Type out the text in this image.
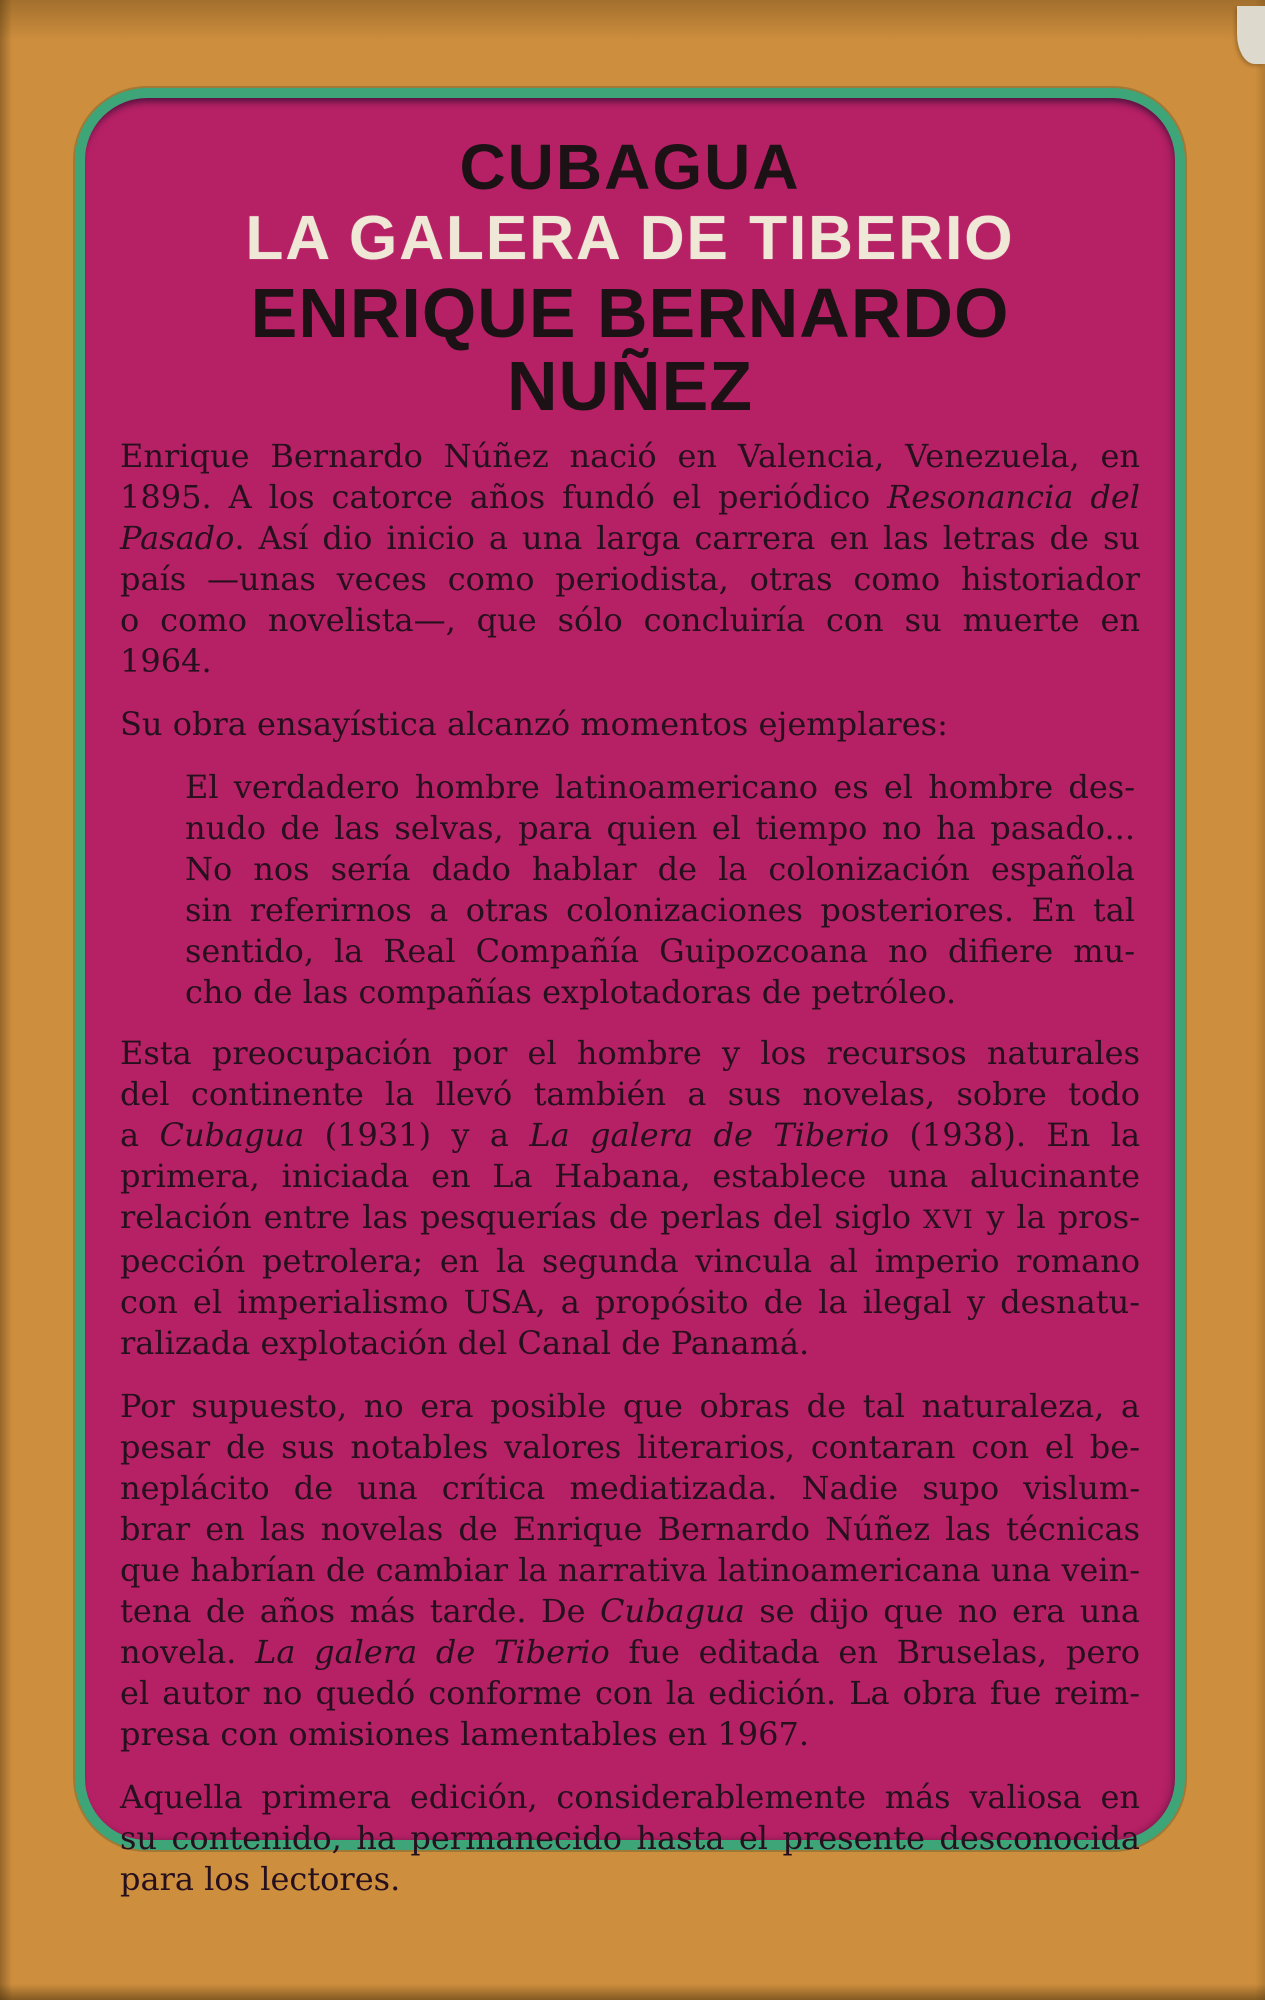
CUBAGUA
LA GALERA DE TIBERIO
ENRIQUE BERNARDO NUÑEZ
Enrique Bernardo Núñez nació en Valencia, Venezuela, en
1895. A los catorce años fundó el periódico Resonancia del
Pasado. Así dio inicio a una larga carrera en las letras de su
país —unas veces como periodista, otras como historiador
o como novelista—, que sólo concluiría con su muerte en
1964.
Su obra ensayística alcanzó momentos ejemplares:
El verdadero hombre latinoamericano es el hombre des-
nudo de las selvas, para quien el tiempo no ha pasado...
No nos sería dado hablar de la colonización española
sin referirnos a otras colonizaciones posteriores. En tal
sentido, la Real Compañía Guipozcoana no difiere mu-
cho de las compañías explotadoras de petróleo.
Esta preocupación por el hombre y los recursos naturales
del continente la llevó también a sus novelas, sobre todo
a Cubagua (1931) y a La galera de Tiberio (1938). En la
primera, iniciada en La Habana, establece una alucinante
relación entre las pesquerías de perlas del siglo XVI y la pros-
pección petrolera; en la segunda vincula al imperio romano
con el imperialismo USA, a propósito de la ilegal y desnatu-
ralizada explotación del Canal de Panamá.
Por supuesto, no era posible que obras de tal naturaleza, a
pesar de sus notables valores literarios, contaran con el be-
neplácito de una crítica mediatizada. Nadie supo vislum-
brar en las novelas de Enrique Bernardo Núñez las técnicas
que habrían de cambiar la narrativa latinoamericana una vein-
tena de años más tarde. De Cubagua se dijo que no era una
novela. La galera de Tiberio fue editada en Bruselas, pero
el autor no quedó conforme con la edición. La obra fue reim-
presa con omisiones lamentables en 1967.
Aquella primera edición, considerablemente más valiosa en
su contenido, ha permanecido hasta el presente desconocida
para los lectores.
